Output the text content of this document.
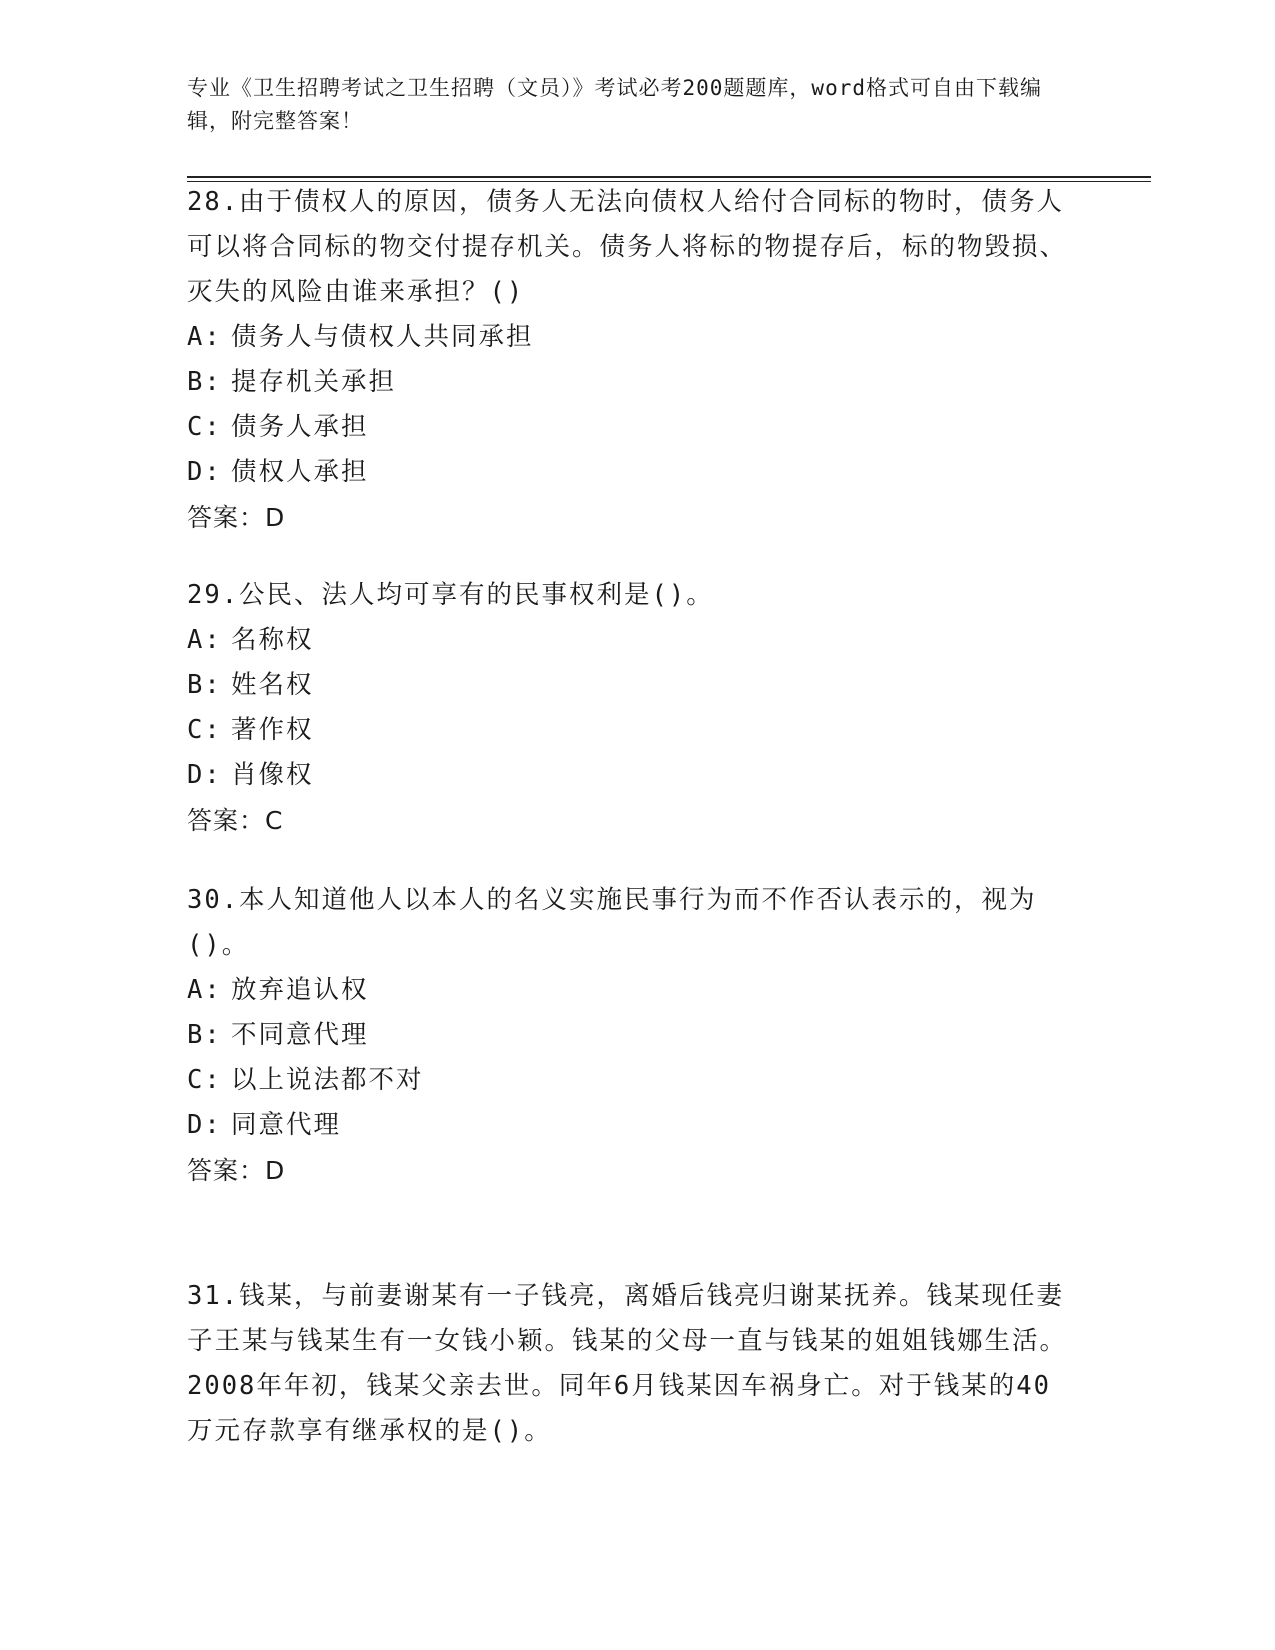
专业《卫生招聘考试之卫生招聘（文员）》考试必考200题题库，word格式可自由下载编辑，附完整答案！

28.由于债权人的原因，债务人无法向债权人给付合同标的物时，债务人可以将合同标的物交付提存机关。债务人将标的物提存后，标的物毁损、灭失的风险由谁来承担？()

A: 债务人与债权人共同承担

B: 提存机关承担

C: 债务人承担

D: 债权人承担

答案：D

29.公民、法人均可享有的民事权利是()。

A: 名称权

B: 姓名权

C: 著作权

D: 肖像权

答案：C

30.本人知道他人以本人的名义实施民事行为而不作否认表示的，视为()。

A: 放弃追认权

B: 不同意代理

C: 以上说法都不对

D: 同意代理

答案：D

31.钱某，与前妻谢某有一子钱亮，离婚后钱亮归谢某抚养。钱某现任妻子王某与钱某生有一女钱小颖。钱某的父母一直与钱某的姐姐钱娜生活。2008年年初，钱某父亲去世。同年6月钱某因车祸身亡。对于钱某的40万元存款享有继承权的是()。
